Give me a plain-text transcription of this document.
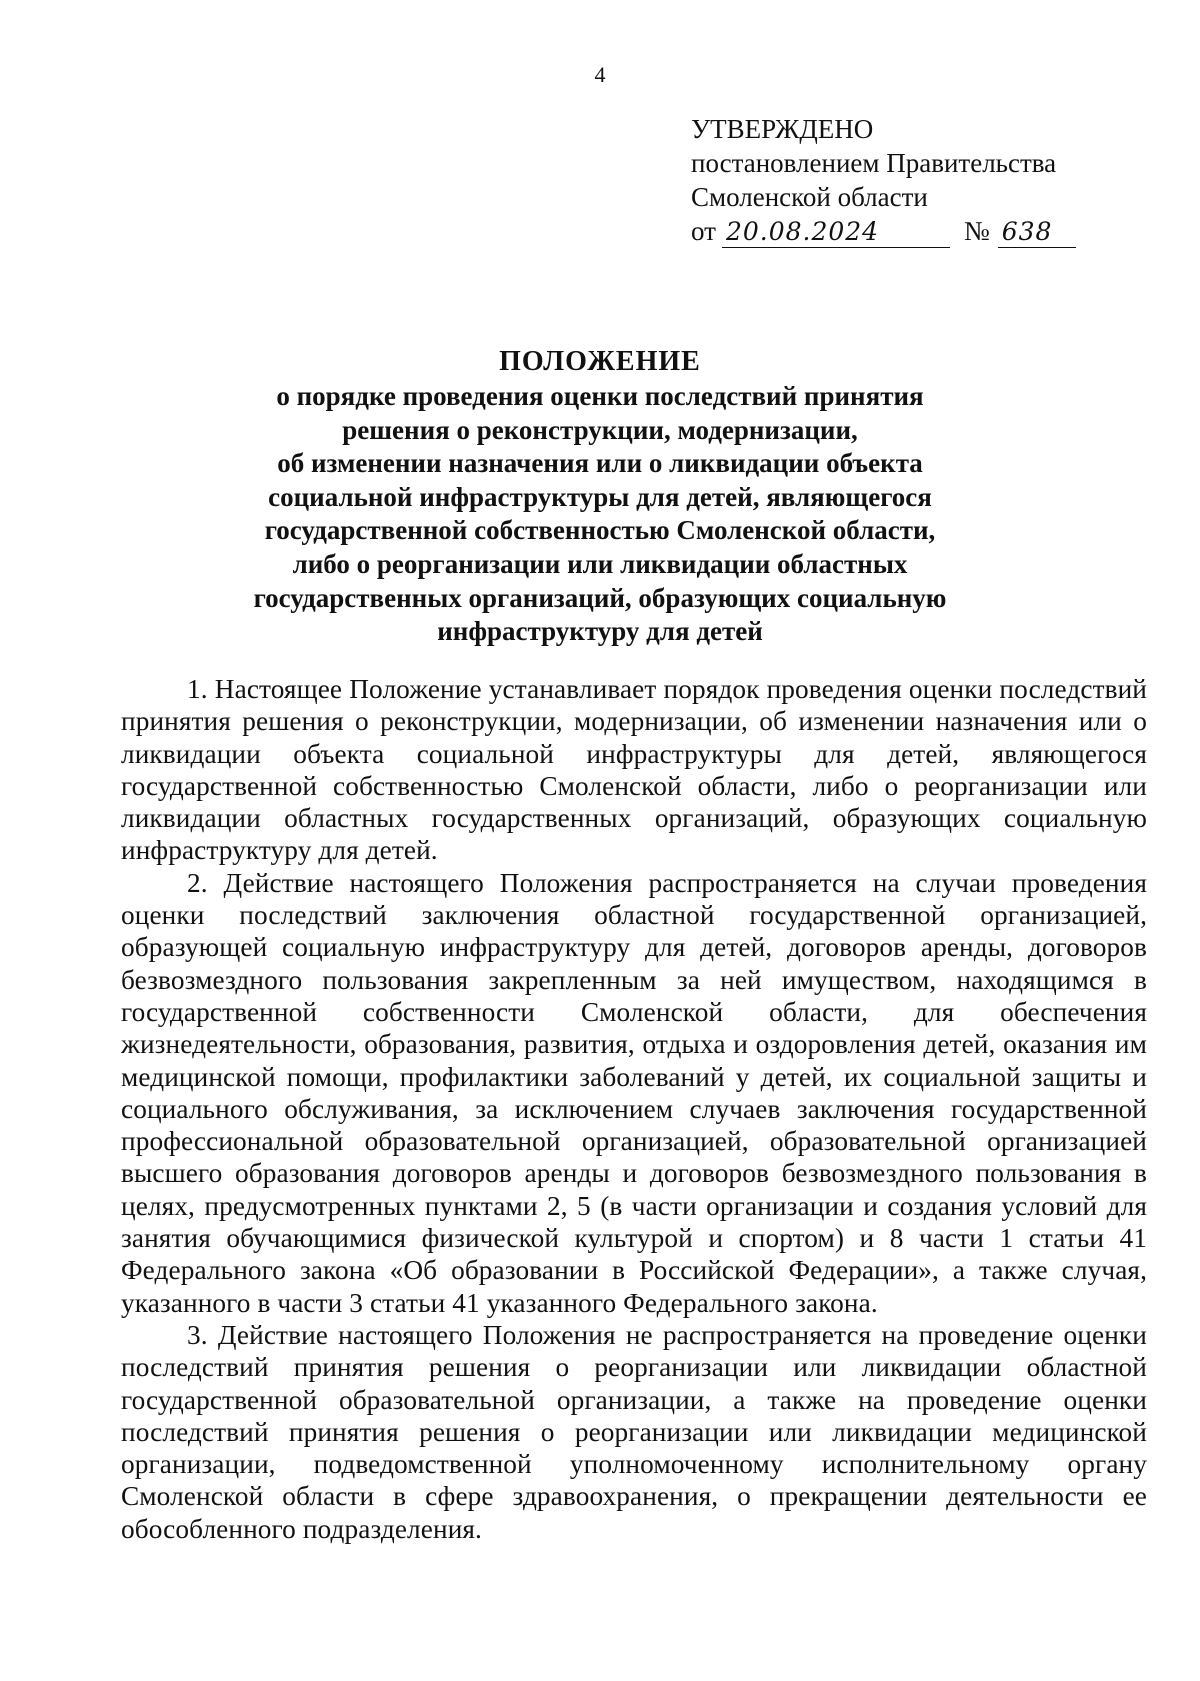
4
УТВЕРЖДЕНО
постановлением Правительства
Смоленской области
от 20.08.2024	№ 638

ПОЛОЖЕНИЕ

о порядке проведения оценки последствий принятия
решения о реконструкции, модернизации,
об изменении назначения или о ликвидации объекта
социальной инфраструктуры для детей, являющегося
государственной собственностью Смоленской области,
либо о реорганизации или ликвидации областных
государственных организаций, образующих социальную
инфраструктуру для детей

1. Настоящее Положение устанавливает порядок проведения оценки последствий принятия решения о реконструкции, модернизации, об изменении назначения или о ликвидации объекта социальной инфраструктуры для детей, являющегося государственной собственностью Смоленской области, либо о реорганизации или ликвидации областных государственных организаций, образующих социальную инфраструктуру для детей.

2. Действие настоящего Положения распространяется на случаи проведения оценки последствий заключения областной государственной организацией, образующей социальную инфраструктуру для детей, договоров аренды, договоров безвозмездного пользования закрепленным за ней имуществом, находящимся в государственной собственности Смоленской области, для обеспечения жизнедеятельности, образования, развития, отдыха и оздоровления детей, оказания им медицинской помощи, профилактики заболеваний у детей, их социальной защиты и социального обслуживания, за исключением случаев заключения государственной профессиональной образовательной организацией, образовательной организацией высшего образования договоров аренды и договоров безвозмездного пользования в целях, предусмотренных пунктами 2, 5 (в части организации и создания условий для занятия обучающимися физической культурой и спортом) и 8 части 1 статьи 41 Федерального закона «Об образовании в Российской Федерации», а также случая, указанного в части 3 статьи 41 указанного Федерального закона.

3. Действие настоящего Положения не распространяется на проведение оценки последствий принятия решения о реорганизации или ликвидации областной государственной образовательной организации, а также на проведение оценки последствий принятия решения о реорганизации или ликвидации медицинской организации, подведомственной уполномоченному исполнительному органу Смоленской области в сфере здравоохранения, о прекращении деятельности ее обособленного подразделения.
